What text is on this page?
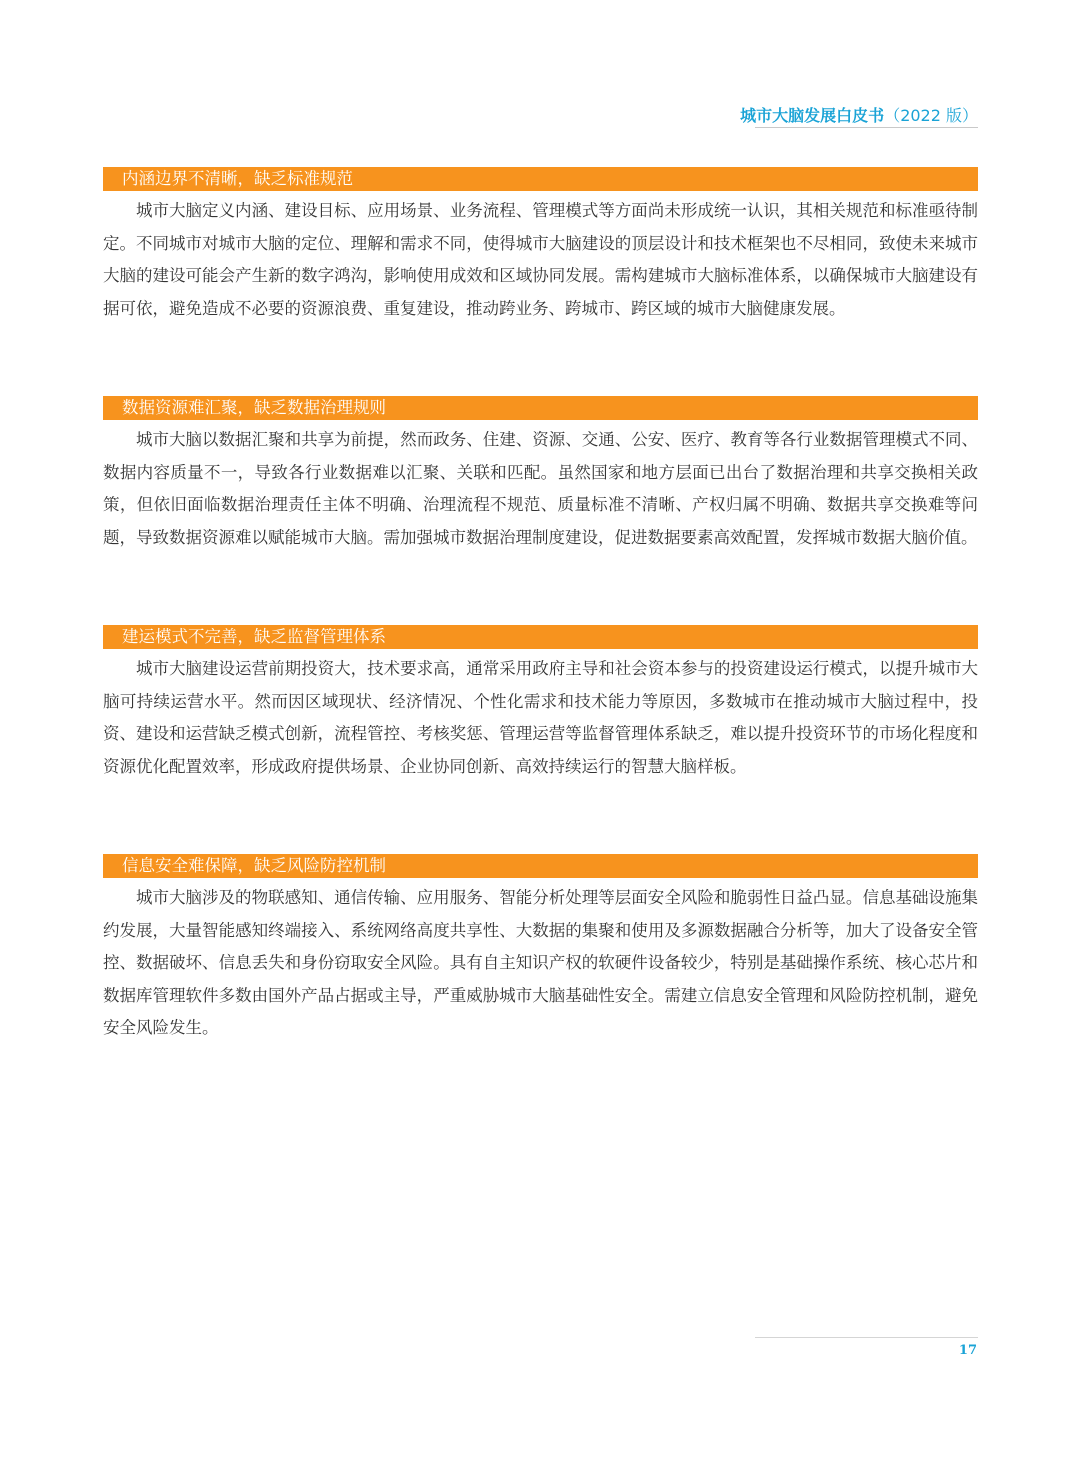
城市大脑发展白皮书（2022 版）
内涵边界不清晰，缺乏标准规范

城市大脑定义内涵、建设目标、应用场景、业务流程、管理模式等方面尚未形成统一认识，其相关规范和标准亟待制定。不同城市对城市大脑的定位、理解和需求不同，使得城市大脑建设的顶层设计和技术框架也不尽相同，致使未来城市大脑的建设可能会产生新的数字鸿沟，影响使用成效和区域协同发展。需构建城市大脑标准体系，以确保城市大脑建设有据可依，避免造成不必要的资源浪费、重复建设，推动跨业务、跨城市、跨区域的城市大脑健康发展。

数据资源难汇聚，缺乏数据治理规则

城市大脑以数据汇聚和共享为前提，然而政务、住建、资源、交通、公安、医疗、教育等各行业数据管理模式不同、数据内容质量不一，导致各行业数据难以汇聚、关联和匹配。虽然国家和地方层面已出台了数据治理和共享交换相关政策，但依旧面临数据治理责任主体不明确、治理流程不规范、质量标准不清晰、产权归属不明确、数据共享交换难等问题，导致数据资源难以赋能城市大脑。需加强城市数据治理制度建设，促进数据要素高效配置，发挥城市数据大脑价值。

建运模式不完善，缺乏监督管理体系

城市大脑建设运营前期投资大，技术要求高，通常采用政府主导和社会资本参与的投资建设运行模式，以提升城市大脑可持续运营水平。然而因区域现状、经济情况、个性化需求和技术能力等原因，多数城市在推动城市大脑过程中，投资、建设和运营缺乏模式创新，流程管控、考核奖惩、管理运营等监督管理体系缺乏，难以提升投资环节的市场化程度和资源优化配置效率，形成政府提供场景、企业协同创新、高效持续运行的智慧大脑样板。

信息安全难保障，缺乏风险防控机制

城市大脑涉及的物联感知、通信传输、应用服务、智能分析处理等层面安全风险和脆弱性日益凸显。信息基础设施集约发展，大量智能感知终端接入、系统网络高度共享性、大数据的集聚和使用及多源数据融合分析等，加大了设备安全管控、数据破坏、信息丢失和身份窃取安全风险。具有自主知识产权的软硬件设备较少，特别是基础操作系统、核心芯片和数据库管理软件多数由国外产品占据或主导，严重威胁城市大脑基础性安全。需建立信息安全管理和风险防控机制，避免安全风险发生。

17
